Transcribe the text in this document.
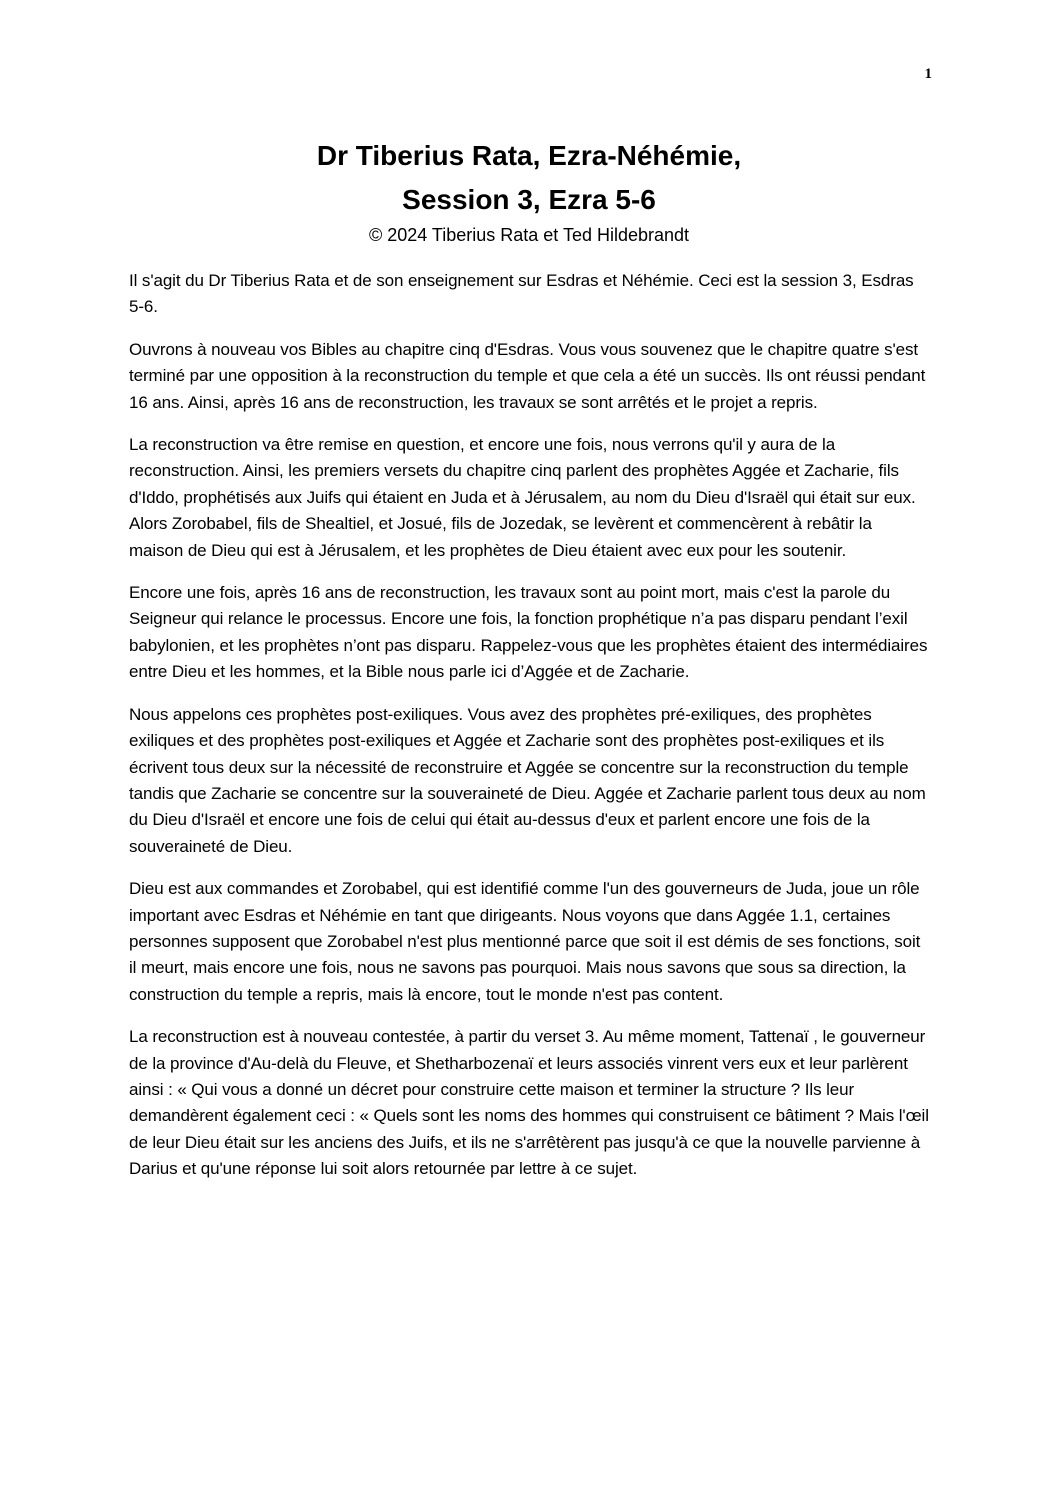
1

Dr Tiberius Rata, Ezra-Néhémie,

Session 3, Ezra 5-6

© 2024 Tiberius Rata et Ted Hildebrandt

Il s'agit du Dr Tiberius Rata et de son enseignement sur Esdras et Néhémie. Ceci est la session 3, Esdras 5-6.

Ouvrons à nouveau vos Bibles au chapitre cinq d'Esdras. Vous vous souvenez que le chapitre quatre s'est terminé par une opposition à la reconstruction du temple et que cela a été un succès. Ils ont réussi pendant 16 ans. Ainsi, après 16 ans de reconstruction, les travaux se sont arrêtés et le projet a repris.

La reconstruction va être remise en question, et encore une fois, nous verrons qu'il y aura de la reconstruction. Ainsi, les premiers versets du chapitre cinq parlent des prophètes Aggée et Zacharie, fils d'Iddo, prophétisés aux Juifs qui étaient en Juda et à Jérusalem, au nom du Dieu d'Israël qui était sur eux. Alors Zorobabel, fils de Shealtiel, et Josué, fils de Jozedak, se levèrent et commencèrent à rebâtir la maison de Dieu qui est à Jérusalem, et les prophètes de Dieu étaient avec eux pour les soutenir.

Encore une fois, après 16 ans de reconstruction, les travaux sont au point mort, mais c'est la parole du Seigneur qui relance le processus. Encore une fois, la fonction prophétique n’a pas disparu pendant l’exil babylonien, et les prophètes n’ont pas disparu. Rappelez-vous que les prophètes étaient des intermédiaires entre Dieu et les hommes, et la Bible nous parle ici d’Aggée et de Zacharie.

Nous appelons ces prophètes post-exiliques. Vous avez des prophètes pré-exiliques, des prophètes exiliques et des prophètes post-exiliques et Aggée et Zacharie sont des prophètes post-exiliques et ils écrivent tous deux sur la nécessité de reconstruire et Aggée se concentre sur la reconstruction du temple tandis que Zacharie se concentre sur la souveraineté de Dieu. Aggée et Zacharie parlent tous deux au nom du Dieu d'Israël et encore une fois de celui qui était au-dessus d'eux et parlent encore une fois de la souveraineté de Dieu.

Dieu est aux commandes et Zorobabel, qui est identifié comme l'un des gouverneurs de Juda, joue un rôle important avec Esdras et Néhémie en tant que dirigeants. Nous voyons que dans Aggée 1.1, certaines personnes supposent que Zorobabel n'est plus mentionné parce que soit il est démis de ses fonctions, soit il meurt, mais encore une fois, nous ne savons pas pourquoi. Mais nous savons que sous sa direction, la construction du temple a repris, mais là encore, tout le monde n'est pas content.

La reconstruction est à nouveau contestée, à partir du verset 3. Au même moment, Tattenaï , le gouverneur de la province d'Au-delà du Fleuve, et Shetharbozenaï et leurs associés vinrent vers eux et leur parlèrent ainsi : « Qui vous a donné un décret pour construire cette maison et terminer la structure ? Ils leur demandèrent également ceci : « Quels sont les noms des hommes qui construisent ce bâtiment ? Mais l'œil de leur Dieu était sur les anciens des Juifs, et ils ne s'arrêtèrent pas jusqu'à ce que la nouvelle parvienne à Darius et qu'une réponse lui soit alors retournée par lettre à ce sujet.
